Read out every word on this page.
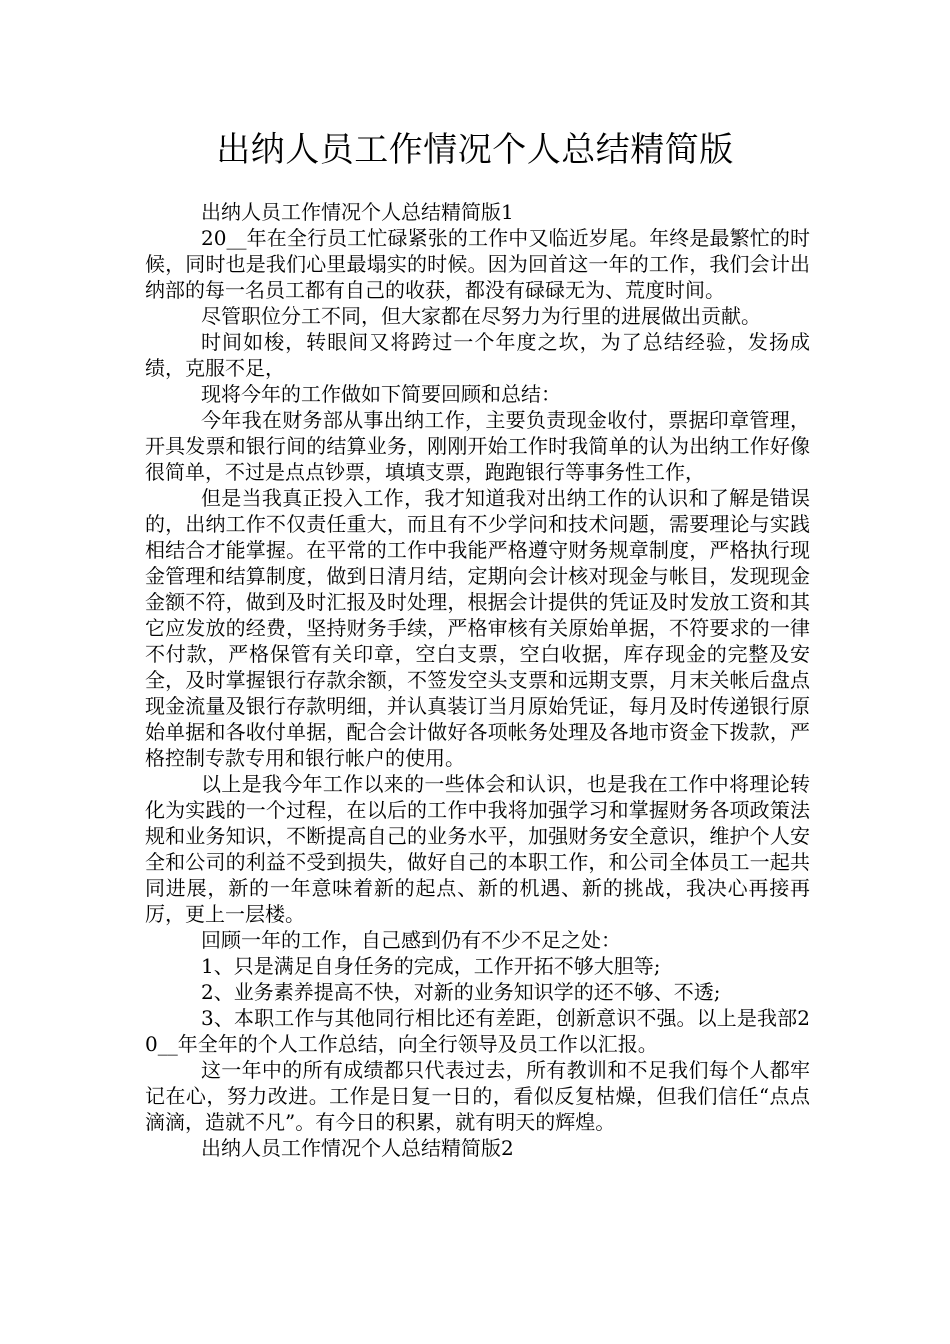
出纳人员工作情况个人总结精简版

出纳人员工作情况个人总结精简版1

20__年在全行员工忙碌紧张的工作中又临近岁尾。年终是最繁忙的时候，同时也是我们心里最塌实的时候。因为回首这一年的工作，我们会计出纳部的每一名员工都有自己的收获，都没有碌碌无为、荒度时间。

尽管职位分工不同，但大家都在尽努力为行里的进展做出贡献。

时间如梭，转眼间又将跨过一个年度之坎，为了总结经验，发扬成绩，克服不足，

现将今年的工作做如下简要回顾和总结：

今年我在财务部从事出纳工作，主要负责现金收付，票据印章管理，开具发票和银行间的结算业务，刚刚开始工作时我简单的认为出纳工作好像很简单，不过是点点钞票，填填支票，跑跑银行等事务性工作，

但是当我真正投入工作，我才知道我对出纳工作的认识和了解是错误的，出纳工作不仅责任重大，而且有不少学问和技术问题，需要理论与实践相结合才能掌握。在平常的工作中我能严格遵守财务规章制度，严格执行现金管理和结算制度，做到日清月结，定期向会计核对现金与帐目，发现现金金额不符，做到及时汇报及时处理，根据会计提供的凭证及时发放工资和其它应发放的经费，坚持财务手续，严格审核有关原始单据，不符要求的一律不付款，严格保管有关印章，空白支票，空白收据，库存现金的完整及安全，及时掌握银行存款余额，不签发空头支票和远期支票，月末关帐后盘点现金流量及银行存款明细，并认真装订当月原始凭证，每月及时传递银行原始单据和各收付单据，配合会计做好各项帐务处理及各地市资金下拨款，严格控制专款专用和银行帐户的使用。

以上是我今年工作以来的一些体会和认识，也是我在工作中将理论转化为实践的一个过程，在以后的工作中我将加强学习和掌握财务各项政策法规和业务知识，不断提高自己的业务水平，加强财务安全意识，维护个人安全和公司的利益不受到损失，做好自己的本职工作，和公司全体员工一起共同进展，新的一年意味着新的起点、新的机遇、新的挑战，我决心再接再厉，更上一层楼。

回顾一年的工作，自己感到仍有不少不足之处：

1、只是满足自身任务的完成，工作开拓不够大胆等;

2、业务素养提高不快，对新的业务知识学的还不够、不透;

3、本职工作与其他同行相比还有差距，创新意识不强。以上是我部20__年全年的个人工作总结，向全行领导及员工作以汇报。

这一年中的所有成绩都只代表过去，所有教训和不足我们每个人都牢记在心，努力改进。工作是日复一日的，看似反复枯燥，但我们信任“点点滴滴，造就不凡”。有今日的积累，就有明天的辉煌。

出纳人员工作情况个人总结精简版2
